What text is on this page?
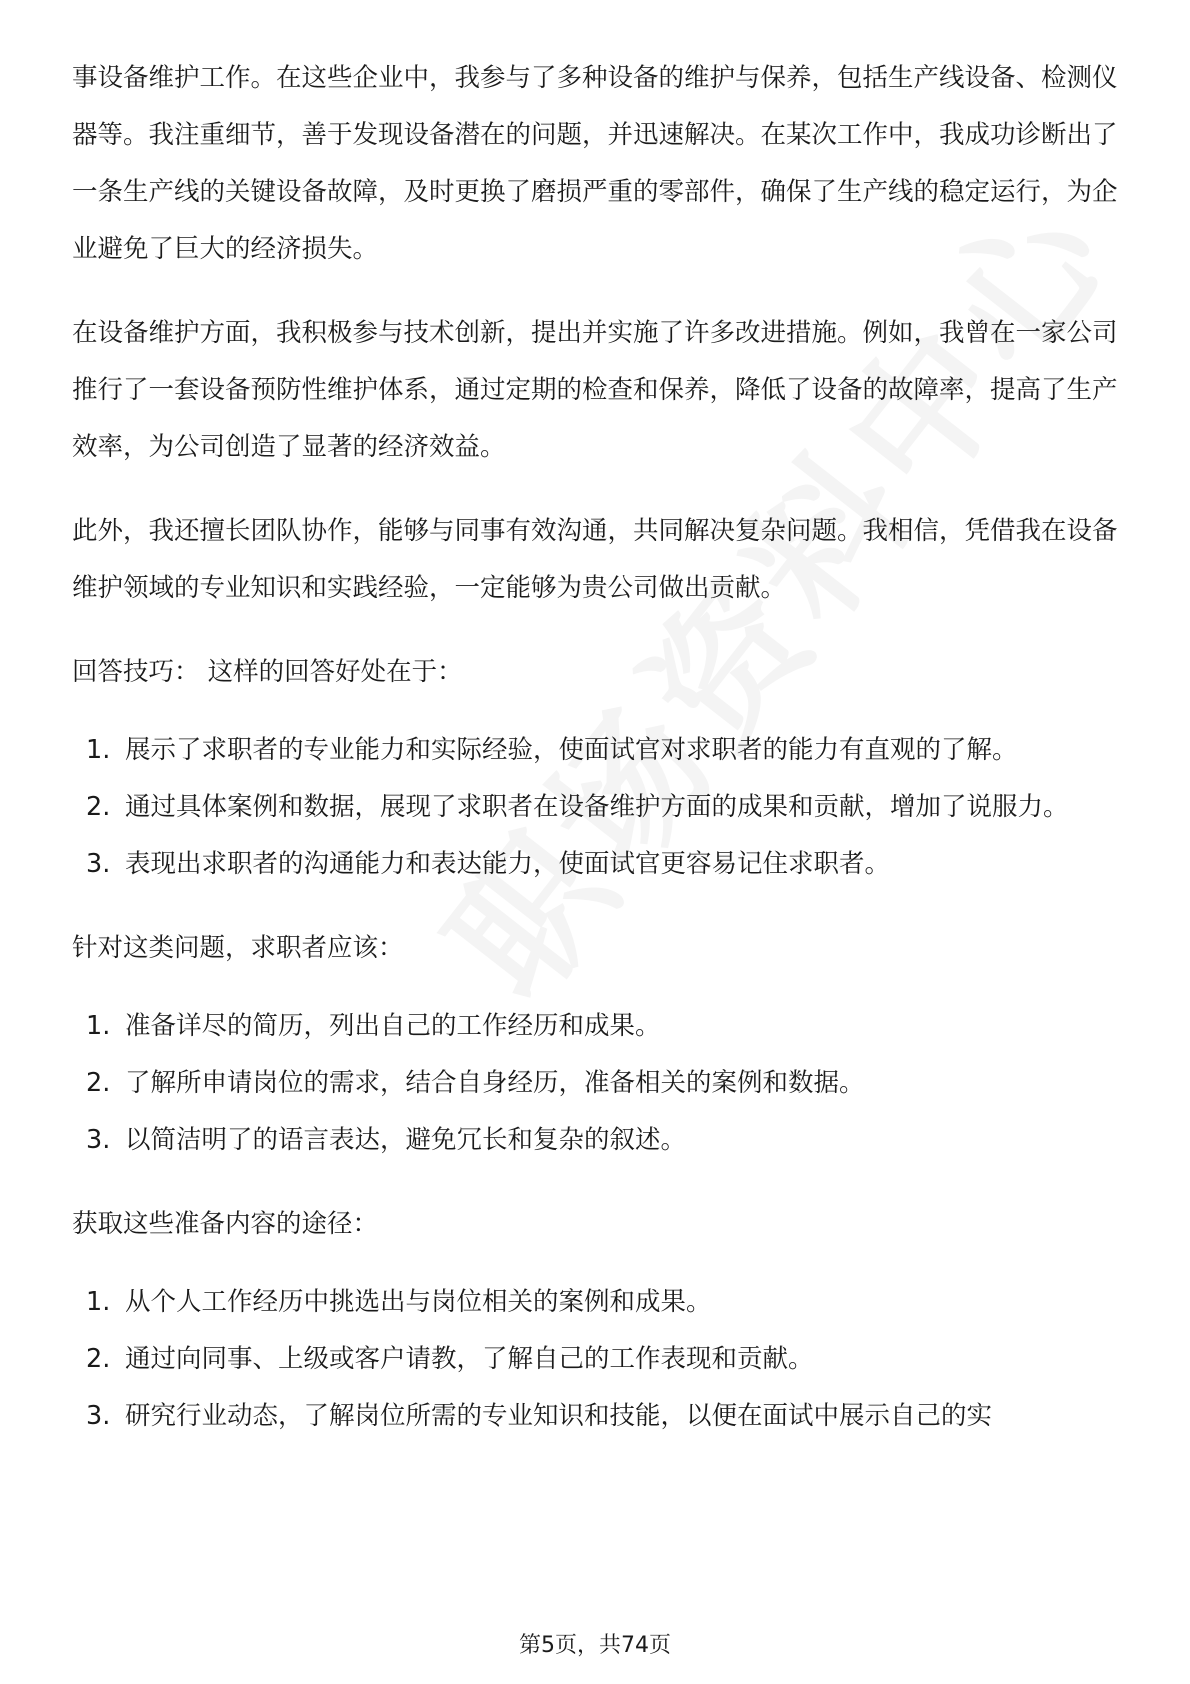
事设备维护工作。在这些企业中，我参与了多种设备的维护与保养，包括生产线设备、检测仪器等。我注重细节，善于发现设备潜在的问题，并迅速解决。在某次工作中，我成功诊断出了一条生产线的关键设备故障，及时更换了磨损严重的零部件，确保了生产线的稳定运行，为企业避免了巨大的经济损失。

在设备维护方面，我积极参与技术创新，提出并实施了许多改进措施。例如，我曾在一家公司推行了一套设备预防性维护体系，通过定期的检查和保养，降低了设备的故障率，提高了生产效率，为公司创造了显著的经济效益。

此外，我还擅长团队协作，能够与同事有效沟通，共同解决复杂问题。我相信，凭借我在设备维护领域的专业知识和实践经验，一定能够为贵公司做出贡献。

回答技巧： 这样的回答好处在于：

1. 展示了求职者的专业能力和实际经验，使面试官对求职者的能力有直观的了解。
2. 通过具体案例和数据，展现了求职者在设备维护方面的成果和贡献，增加了说服力。
3. 表现出求职者的沟通能力和表达能力，使面试官更容易记住求职者。

针对这类问题，求职者应该：

1. 准备详尽的简历，列出自己的工作经历和成果。
2. 了解所申请岗位的需求，结合自身经历，准备相关的案例和数据。
3. 以简洁明了的语言表达，避免冗长和复杂的叙述。

获取这些准备内容的途径：

1. 从个人工作经历中挑选出与岗位相关的案例和成果。
2. 通过向同事、上级或客户请教，了解自己的工作表现和贡献。
3. 研究行业动态，了解岗位所需的专业知识和技能，以便在面试中展示自己的实
第5页，共74页
